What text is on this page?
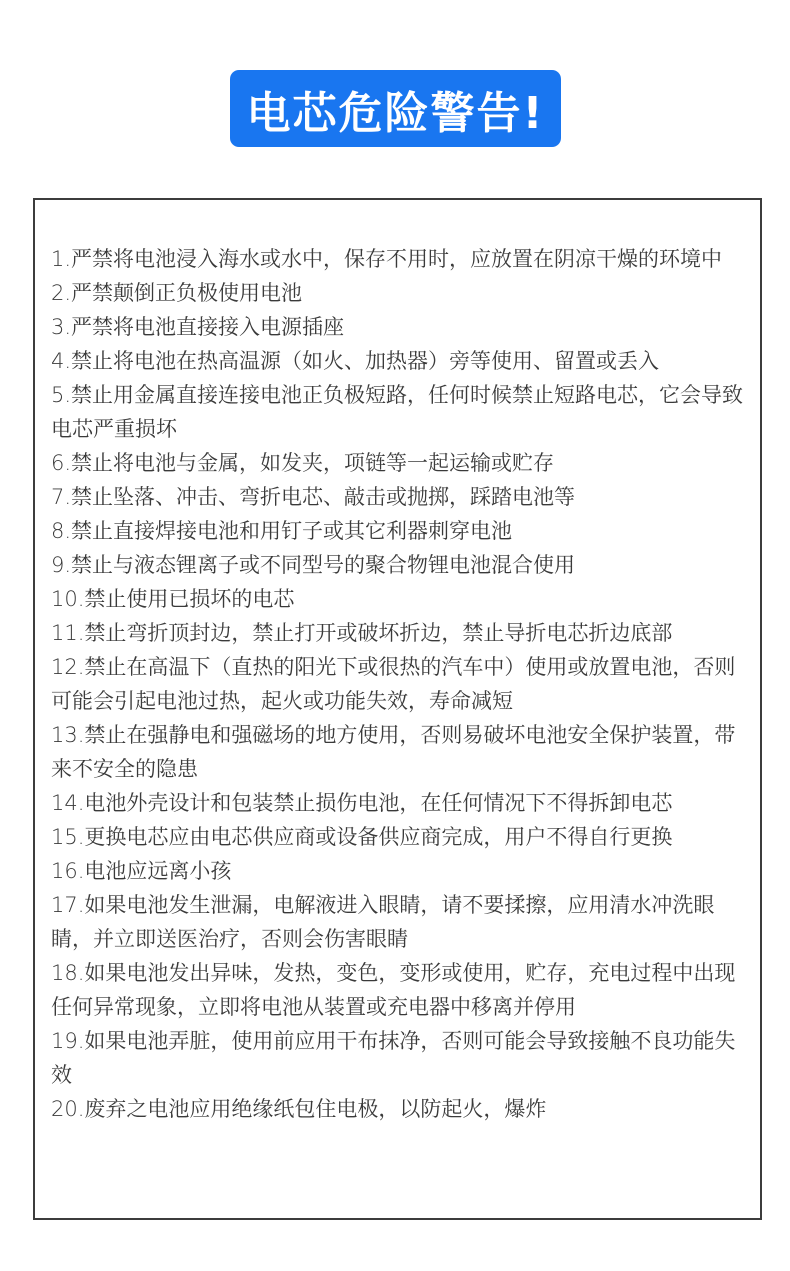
电芯危险警告!
1.严禁将电池浸入海水或水中，保存不用时，应放置在阴凉干燥的环境中
2.严禁颠倒正负极使用电池
3.严禁将电池直接接入电源插座
4.禁止将电池在热高温源（如火、加热器）旁等使用、留置或丢入
5.禁止用金属直接连接电池正负极短路，任何时候禁止短路电芯，它会导致电芯严重损坏
6.禁止将电池与金属，如发夹，项链等一起运输或贮存
7.禁止坠落、冲击、弯折电芯、敲击或抛掷，踩踏电池等
8.禁止直接焊接电池和用钉子或其它利器刺穿电池
9.禁止与液态锂离子或不同型号的聚合物锂电池混合使用
10.禁止使用已损坏的电芯
11.禁止弯折顶封边，禁止打开或破坏折边，禁止导折电芯折边底部
12.禁止在高温下（直热的阳光下或很热的汽车中）使用或放置电池，否则可能会引起电池过热，起火或功能失效，寿命减短
13.禁止在强静电和强磁场的地方使用，否则易破坏电池安全保护装置，带来不安全的隐患
14.电池外壳设计和包装禁止损伤电池，在任何情况下不得拆卸电芯
15.更换电芯应由电芯供应商或设备供应商完成，用户不得自行更换
16.电池应远离小孩
17.如果电池发生泄漏，电解液进入眼睛，请不要揉擦，应用清水冲洗眼睛，并立即送医治疗，否则会伤害眼睛
18.如果电池发出异味，发热，变色，变形或使用，贮存，充电过程中出现任何异常现象，立即将电池从装置或充电器中移离并停用
19.如果电池弄脏，使用前应用干布抹净，否则可能会导致接触不良功能失效
20.废弃之电池应用绝缘纸包住电极，以防起火，爆炸
